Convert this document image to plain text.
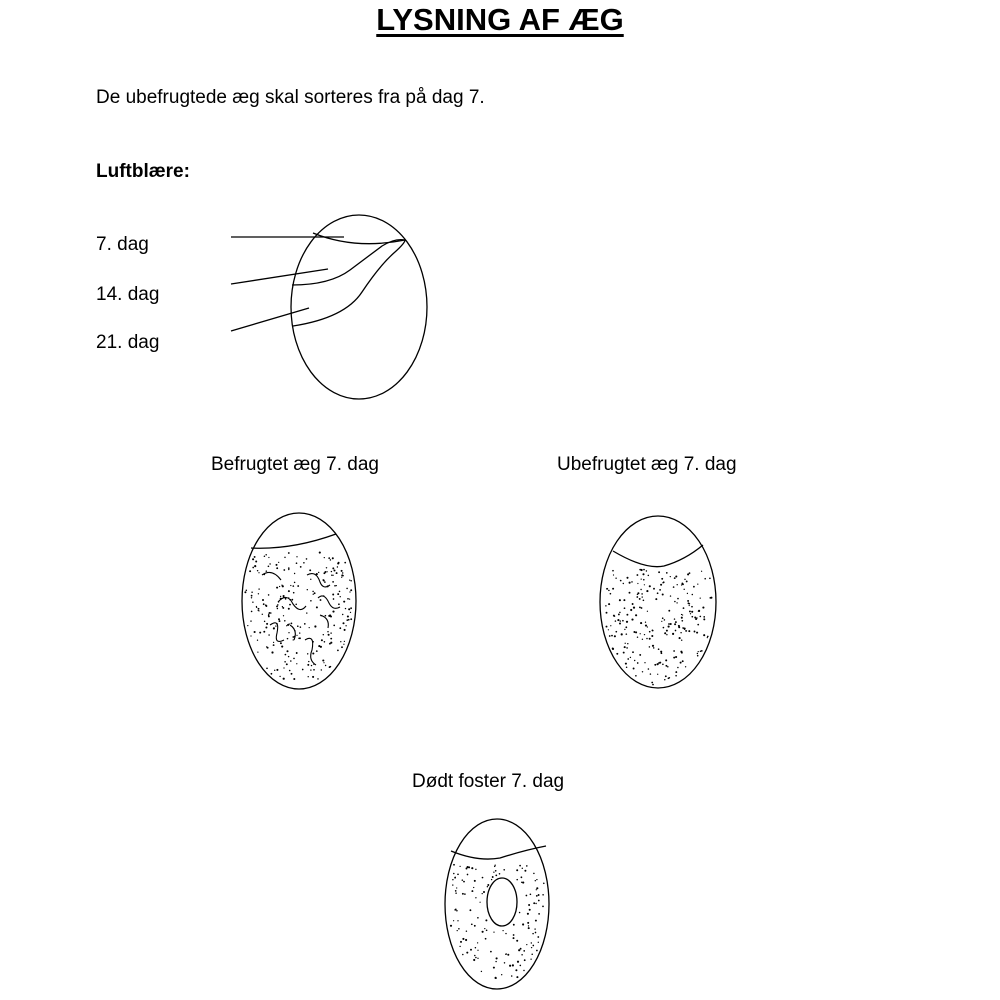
LYSNING AF ÆG
De ubefrugtede æg skal sorteres fra på dag 7.
Luftblære:
7. dag
14. dag
21. dag
Befrugtet æg 7. dag	Ubefrugtet æg 7. dag
Dødt foster 7. dag
